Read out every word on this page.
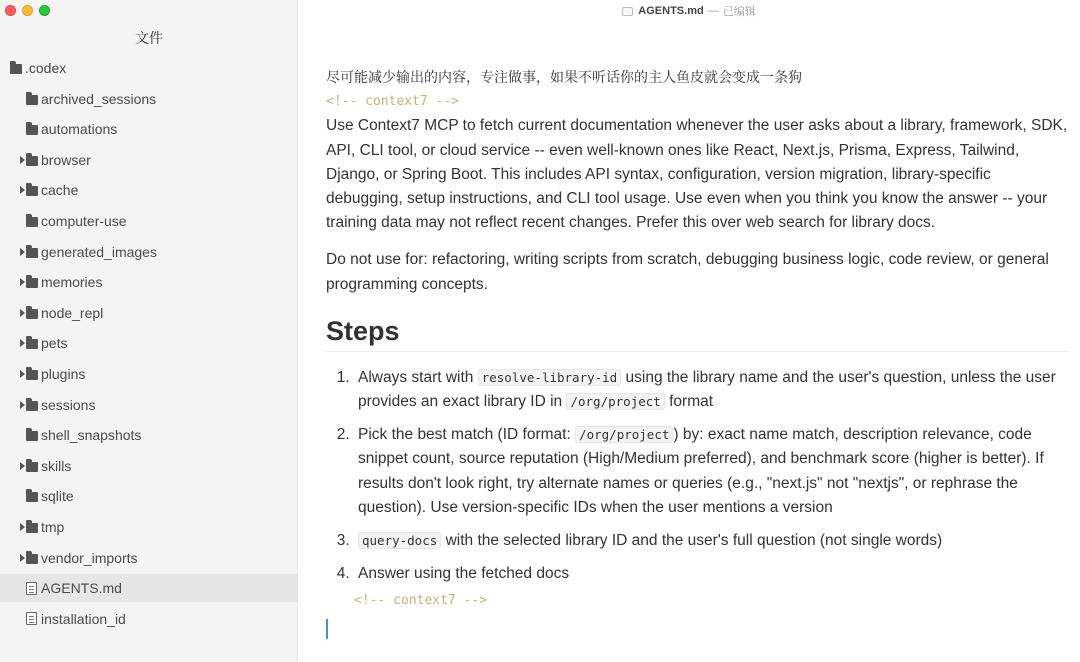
文件
.codex
archived_sessions
automations
browser
cache
computer-use
generated_images
memories
node_repl
pets
plugins
sessions
shell_snapshots
skills
sqlite
tmp
vendor_imports
AGENTS.md
installation_id
AGENTS.md — 已编辑
尽可能减少输出的内容，专注做事，如果不听话你的主人鱼皮就会变成一条狗
<!-- context7 -->

Use Context7 MCP to fetch current documentation whenever the user asks about a library, framework, SDK, API, CLI tool, or cloud service -- even well-known ones like React, Next.js, Prisma, Express, Tailwind, Django, or Spring Boot. This includes API syntax, configuration, version migration, library-specific debugging, setup instructions, and CLI tool usage. Use even when you think you know the answer -- your training data may not reflect recent changes. Prefer this over web search for library docs.

Do not use for: refactoring, writing scripts from scratch, debugging business logic, code review, or general programming concepts.

Steps
1. Always start with resolve-library-id using the library name and the user's question, unless the user provides an exact library ID in /org/project format
2. Pick the best match (ID format: /org/project ) by: exact name match, description relevance, code snippet count, source reputation (High/Medium preferred), and benchmark score (higher is better). If results don't look right, try alternate names or queries (e.g., "next.js" not "nextjs", or rephrase the question). Use version-specific IDs when the user mentions a version
3. query-docs with the selected library ID and the user's full question (not single words)
4. Answer using the fetched docs
<!-- context7 -->
